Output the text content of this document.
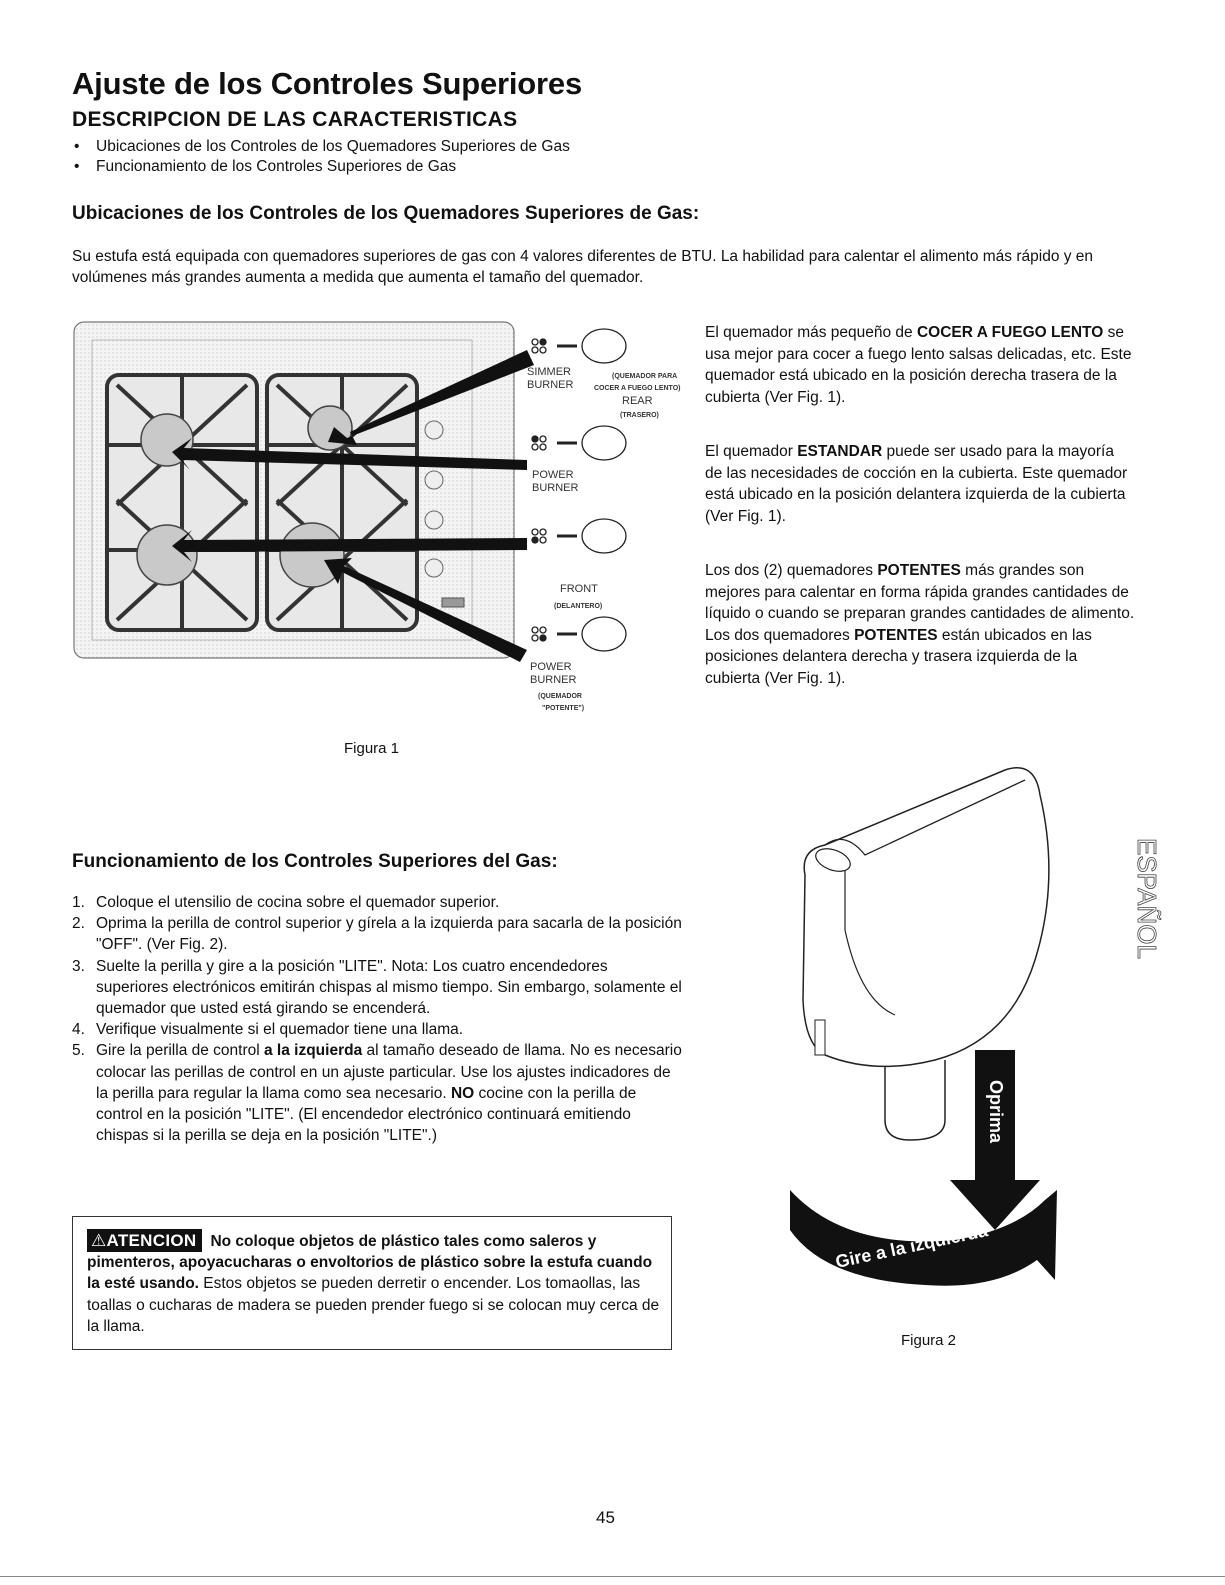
Ajuste de los Controles Superiores
DESCRIPCION DE LAS CARACTERISTICAS
• Ubicaciones de los Controles de los Quemadores Superiores de Gas
• Funcionamiento de los Controles Superiores de Gas
Ubicaciones de los Controles de los Quemadores Superiores de Gas:
Su estufa está equipada con quemadores superiores de gas con 4 valores diferentes de BTU. La habilidad para calentar el alimento más rápido y en volúmenes más grandes aumenta a medida que aumenta el tamaño del quemador.
SIMMER
BURNER
(QUEMADOR PARA
COCER A FUEGO LENTO)
REAR
(TRASERO)
POWER
BURNER
FRONT
(DELANTERO)
POWER
BURNER
(QUEMADOR
"POTENTE")
Figura 1

El quemador más pequeño de COCER A FUEGO LENTO se usa mejor para cocer a fuego lento salsas delicadas, etc. Este quemador está ubicado en la posición derecha trasera de la cubierta (Ver Fig. 1).

El quemador ESTANDAR puede ser usado para la mayoría de las necesidades de cocción en la cubierta. Este quemador está ubicado en la posición delantera izquierda de la cubierta (Ver Fig. 1).

Los dos (2) quemadores POTENTES más grandes son mejores para calentar en forma rápida grandes cantidades de líquido o cuando se preparan grandes cantidades de alimento. Los dos quemadores POTENTES están ubicados en las posiciones delantera derecha y trasera izquierda de la cubierta (Ver Fig. 1).

Funcionamiento de los Controles Superiores del Gas:
1. Coloque el utensilio de cocina sobre el quemador superior.
2. Oprima la perilla de control superior y gírela a la izquierda para sacarla de la posición "OFF". (Ver Fig. 2).
3. Suelte la perilla y gire a la posición "LITE". Nota: Los cuatro encendedores superiores electrónicos emitirán chispas al mismo tiempo. Sin embargo, solamente el quemador que usted está girando se encenderá.
4. Verifique visualmente si el quemador tiene una llama.
5. Gire la perilla de control a la izquierda al tamaño deseado de llama. No es necesario colocar las perillas de control en un ajuste particular. Use los ajustes indicadores de la perilla para regular la llama como sea necesario. NO cocine con la perilla de control en la posición "LITE". (El encendedor electrónico continuará emitiendo chispas si la perilla se deja en la posición "LITE".)
⚠ATENCION No coloque objetos de plástico tales como saleros y pimenteros, apoyacucharas o envoltorios de plástico sobre la estufa cuando la esté usando. Estos objetos se pueden derretir o encender. Los tomaollas, las toallas o cucharas de madera se pueden prender fuego si se colocan muy cerca de la llama.
Oprima
Gire a la izquierda
Figura 2
ESPAÑOL
45
